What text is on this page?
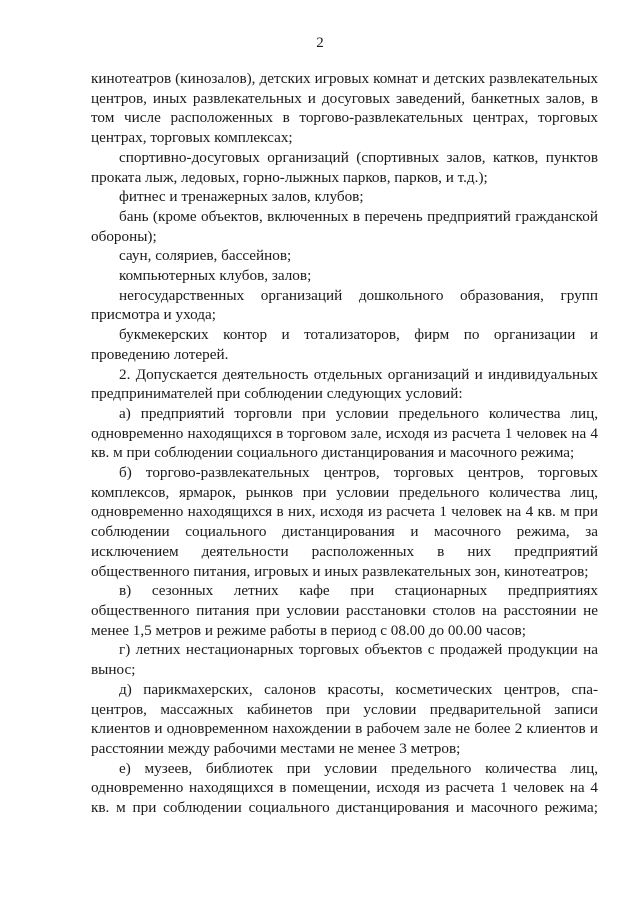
2

кинотеатров (кинозалов), детских игровых комнат и детских развлекательных центров, иных развлекательных и досуговых заведений, банкетных залов, в том числе расположенных в торгово-развлекательных центрах, торговых центрах, торговых комплексах;

спортивно-досуговых организаций (спортивных залов, катков, пунктов проката лыж, ледовых, горно-лыжных парков, парков, и т.д.);

фитнес и тренажерных залов, клубов;

бань (кроме объектов, включенных в перечень предприятий гражданской обороны);

саун, соляриев, бассейнов;

компьютерных клубов, залов;

негосударственных организаций дошкольного образования, групп присмотра и ухода;

букмекерских контор и тотализаторов, фирм по организации и проведению лотерей.

2. Допускается деятельность отдельных организаций и индивидуальных предпринимателей при соблюдении следующих условий:

а) предприятий торговли при условии предельного количества лиц, одновременно находящихся в торговом зале, исходя из расчета 1 человек на 4 кв. м при соблюдении социального дистанцирования и масочного режима;

б) торгово-развлекательных центров, торговых центров, торговых комплексов, ярмарок, рынков при условии предельного количества лиц, одновременно находящихся в них, исходя из расчета 1 человек на 4 кв. м при соблюдении социального дистанцирования и масочного режима, за исключением деятельности расположенных в них предприятий общественного питания, игровых и иных развлекательных зон, кинотеатров;

в) сезонных летних кафе при стационарных предприятиях общественного питания при условии расстановки столов на расстоянии не менее 1,5 метров и режиме работы в период с 08.00 до 00.00 часов;

г) летних нестационарных торговых объектов с продажей продукции на вынос;

д) парикмахерских, салонов красоты, косметических центров, спа-центров, массажных кабинетов при условии предварительной записи клиентов и одновременном нахождении в рабочем зале не более 2 клиентов и расстоянии между рабочими местами не менее 3 метров;

е) музеев, библиотек при условии предельного количества лиц, одновременно находящихся в помещении, исходя из расчета 1 человек на 4 кв. м при соблюдении социального дистанцирования и масочного режима;
